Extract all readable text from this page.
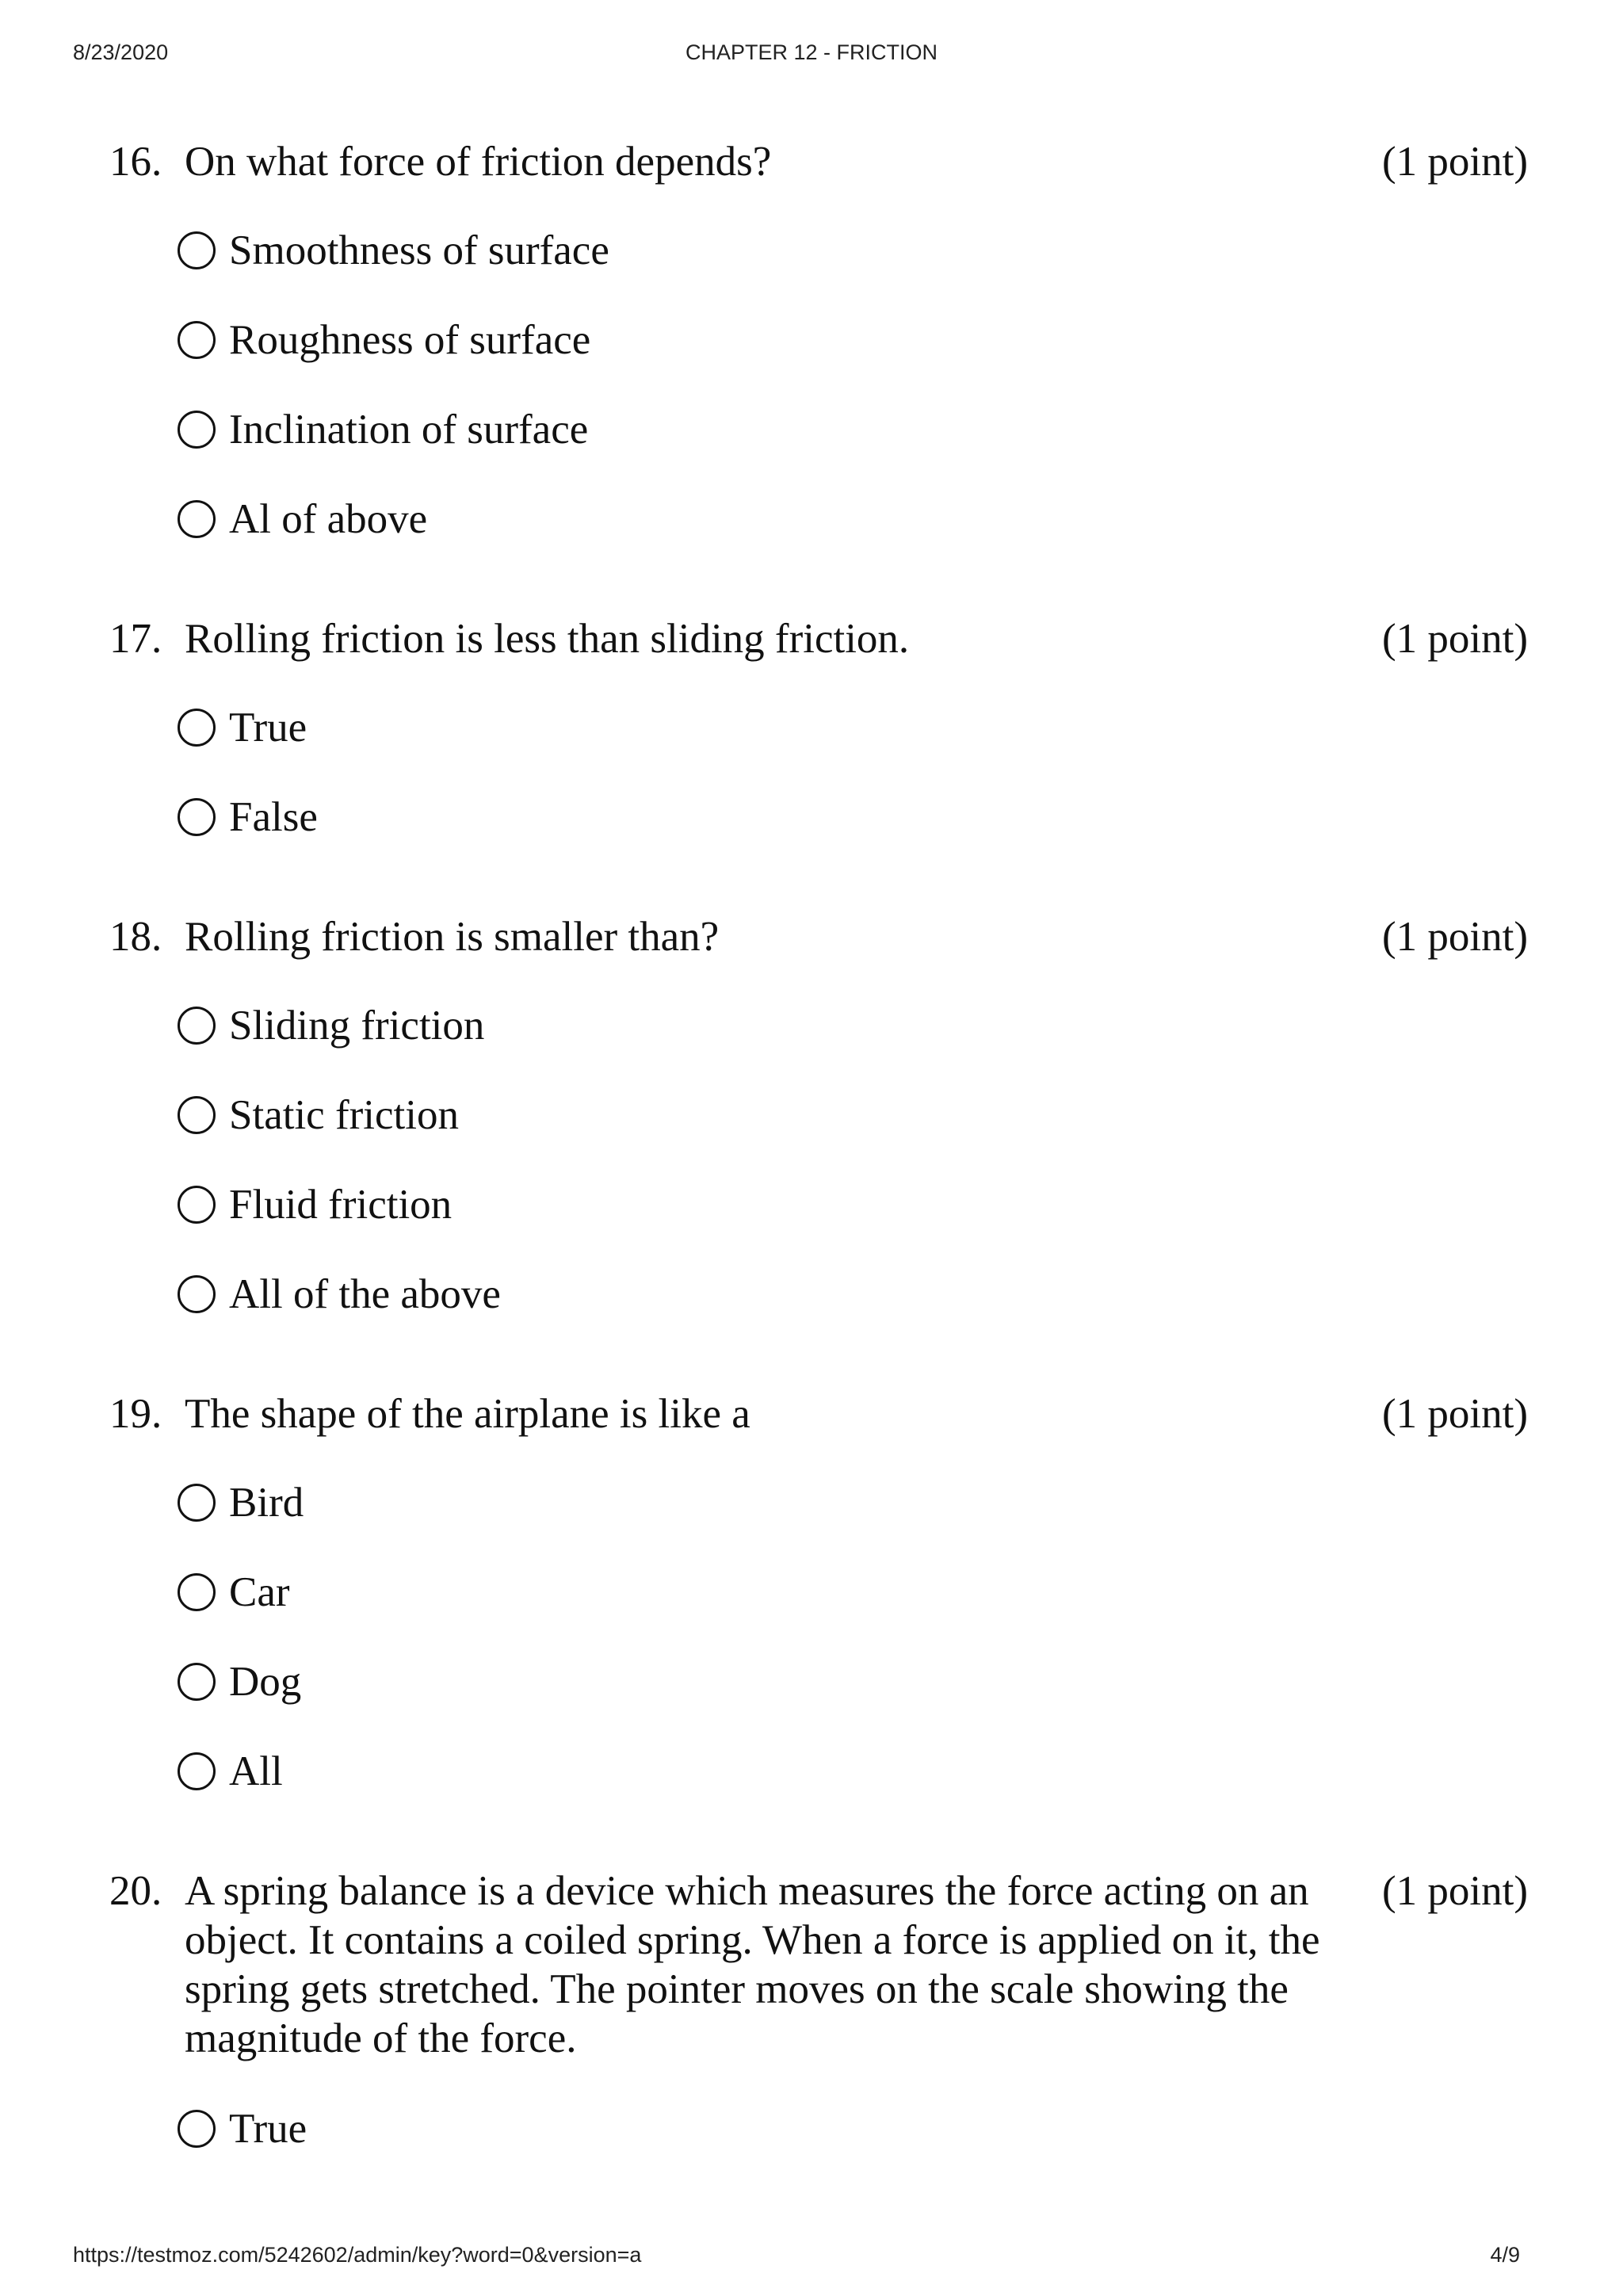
8/23/2020	CHAPTER 12 - FRICTION
16. On what force of friction depends?	(1 point)
Smoothness of surface
Roughness of surface
Inclination of surface
Al of above
17. Rolling friction is less than sliding friction.	(1 point)
True
False
18. Rolling friction is smaller than?	(1 point)
Sliding friction
Static friction
Fluid friction
All of the above
19. The shape of the airplane is like a	(1 point)
Bird
Car
Dog
All
20. A spring balance is a device which measures the force acting on an object. It contains a coiled spring. When a force is applied on it, the spring gets stretched. The pointer moves on the scale showing the magnitude of the force.
(1 point)
True
https://testmoz.com/5242602/admin/key?word=0&version=a	4/9
